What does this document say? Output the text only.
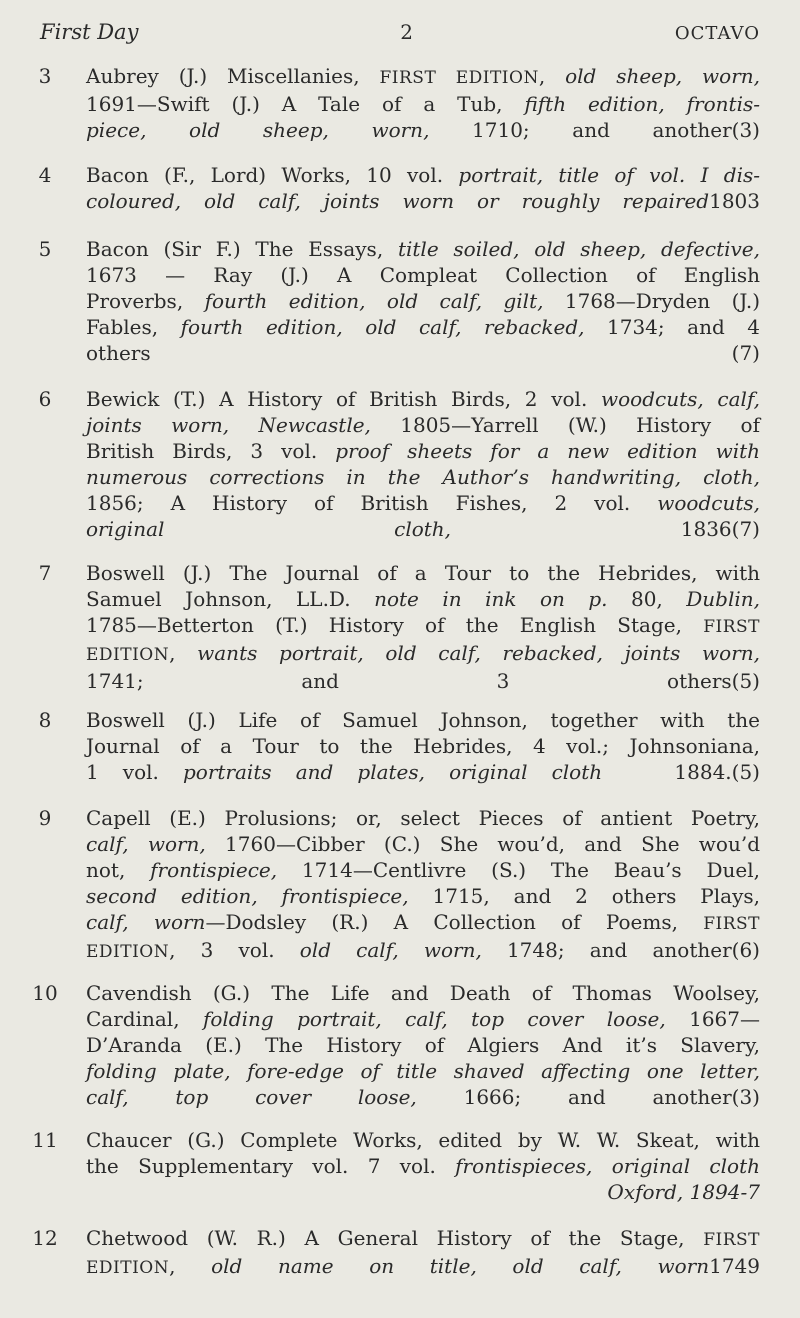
First Day	2	OCTAVO
3	Aubrey (J.) Miscellanies, FIRST EDITION, old sheep, worn,
1691—Swift (J.) A Tale of a Tub, fifth edition, frontis-

piece, old sheep, worn, 1710; and another (3)
4	Bacon (F., Lord) Works, 10 vol. portrait, title of vol. I dis-

coloured, old calf, joints worn or roughly repaired 1803
5	Bacon (Sir F.) The Essays, title soiled, old sheep, defective,
1673 — Ray (J.) A Compleat Collection of English
Proverbs, fourth edition, old calf, gilt, 1768—Dryden (J.)
Fables, fourth edition, old calf, rebacked, 1734; and 4

others	(7)
6	Bewick (T.) A History of British Birds, 2 vol. woodcuts, calf,
joints worn, Newcastle, 1805—Yarrell (W.) History of
British Birds, 3 vol. proof sheets for a new edition with
numerous corrections in the Author’s handwriting, cloth,
1856; A History of British Fishes, 2 vol. woodcuts,

original cloth, 1836 (7)
7	Boswell (J.) The Journal of a Tour to the Hebrides, with
Samuel Johnson, LL.D. note in ink on p. 80, Dublin,
1785—Betterton (T.) History of the English Stage, FIRST
EDITION, wants portrait, old calf, rebacked, joints worn,

1741; and 3 others (5)
8	Boswell (J.) Life of Samuel Johnson, together with the
Journal of a Tour to the Hebrides, 4 vol.; Johnsoniana,

1 vol. portraits and plates, original cloth   1884. (5)
9	Capell (E.) Prolusions; or, select Pieces of antient Poetry,
calf, worn, 1760—Cibber (C.) She wou’d, and She wou’d
not, frontispiece, 1714—Centlivre (S.) The Beau’s Duel,
second edition, frontispiece, 1715, and 2 others Plays,
calf, worn—Dodsley (R.) A Collection of Poems, FIRST

EDITION, 3 vol. old calf, worn, 1748; and another (6)
10 Cavendish (G.) The Life and Death of Thomas Woolsey,
Cardinal, folding portrait, calf, top cover loose, 1667—
D’Aranda (E.) The History of Algiers And it’s Slavery,
folding plate, fore-edge of title shaved affecting one letter,

calf, top cover loose, 1666; and another (3)
11 Chaucer (G.) Complete Works, edited by W. W. Skeat, with
the Supplementary vol. 7 vol. frontispieces, original cloth

Oxford, 1894-7

12 Chetwood (W. R.) A General History of the Stage, FIRST

EDITION, old name on title, old calf, worn 1749
